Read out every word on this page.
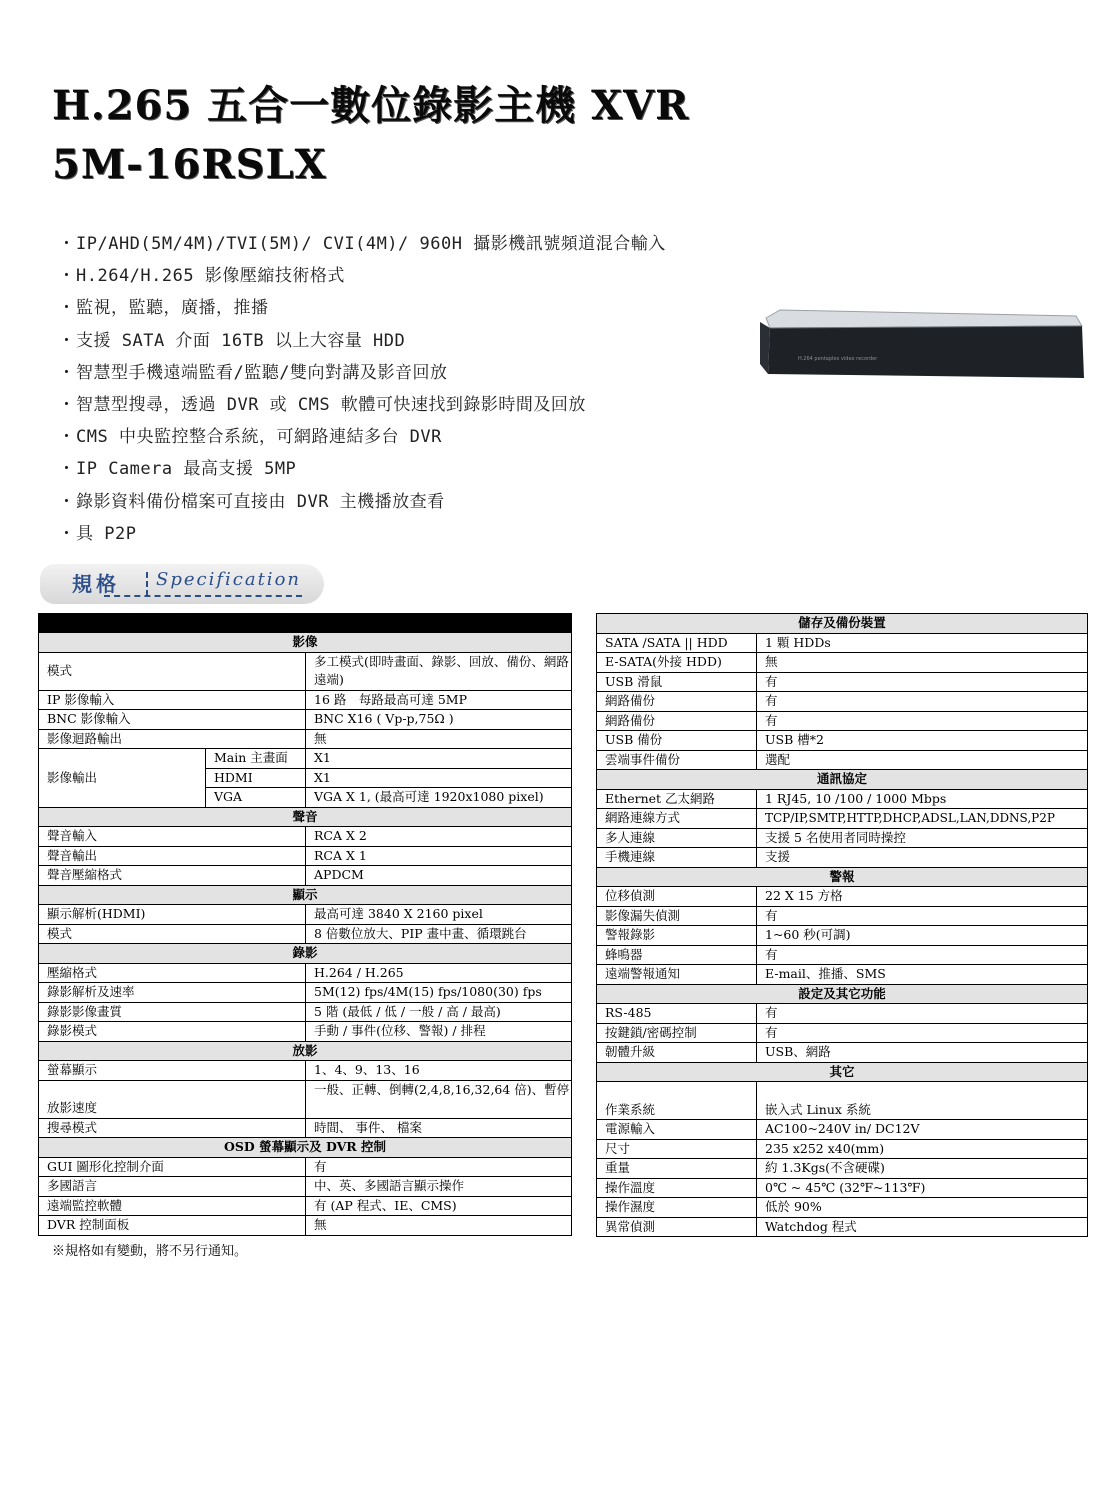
H.265 五合一數位錄影主機 XVR
5M-16RSLX
・IP/AHD(5M/4M)/TVI(5M)/ CVI(4M)/ 960H 攝影機訊號頻道混合輸入
・H.264/H.265 影像壓縮技術格式
・監視，監聽，廣播，推播
・支援 SATA 介面 16TB 以上大容量 HDD
・智慧型手機遠端監看/監聽/雙向對講及影音回放
・智慧型搜尋，透過 DVR 或 CMS 軟體可快速找到錄影時間及回放
・CMS 中央監控整合系統，可網路連結多台 DVR
・IP Camera 最高支援 5MP
・錄影資料備份檔案可直接由 DVR 主機播放查看
・具 P2P
H.264 pentaplex video recorder
規格 Specification

影像		
模式		多工模式(即時畫面、錄影、回放、備份、網路遠端)
IP 影像輸入		16 路　每路最高可達 5MP
BNC 影像輸入		BNC X16 ( Vp-p,75Ω )
影像迴路輸出		無
影像輸出	Main 主畫面	X1
	HDMI	X1
	VGA	VGA X 1, (最高可達 1920x1080 pixel)
聲音		
聲音輸入		RCA X 2
聲音輸出		RCA X 1
聲音壓縮格式		APDCM
顯示		
顯示解析(HDMI)		最高可達 3840 X 2160 pixel
模式		8 倍數位放大、PIP 畫中畫、循環跳台
錄影		
壓縮格式		H.264 / H.265
錄影解析及速率		5M(12) fps/4M(15) fps/1080(30) fps
錄影影像畫質		5 階 (最低 / 低 / 一般 / 高 / 最高)
錄影模式		手動 / 事件(位移、警報) / 排程
放影		
螢幕顯示		1、4、9、13、16
放影速度		一般、正轉、倒轉(2,4,8,16,32,64 倍)、暫停
搜尋模式		時間、 事件、 檔案
OSD 螢幕顯示及 DVR 控制		
GUI 圖形化控制介面		有
多國語言		中、英、多國語言顯示操作
遠端監控軟體		有 (AP 程式、IE、CMS)
DVR 控制面板		無
儲存及備份裝置	
SATA /SATA || HDD	1 顆 HDDs
E-SATA(外接 HDD)	無
USB 滑鼠	有
網路備份	有
網路備份	有
USB 備份	USB 槽*2
雲端事件備份	選配
通訊協定	
Ethernet 乙太網路	1 RJ45, 10 /100 / 1000 Mbps
網路連線方式	TCP/IP,SMTP,HTTP,DHCP,ADSL,LAN,DDNS,P2P
多人連線	支援 5 名使用者同時操控
手機連線	支援
警報	
位移偵測	22 X 15 方格
影像漏失偵測	有
警報錄影	1~60 秒(可調)
蜂鳴器	有
遠端警報通知	E-mail、推播、SMS
設定及其它功能	
RS-485	有
按鍵鎖/密碼控制	有
韌體升級	USB、網路
其它	
作業系統	嵌入式 Linux 系統
電源輸入	AC100~240V in/ DC12V
尺寸	235 x252 x40(mm)
重量	約 1.3Kgs(不含硬碟)
操作溫度	0℃ ~ 45℃ (32℉~113℉)
操作濕度	低於 90%
異常偵測	Watchdog 程式
※規格如有變動，將不另行通知。
